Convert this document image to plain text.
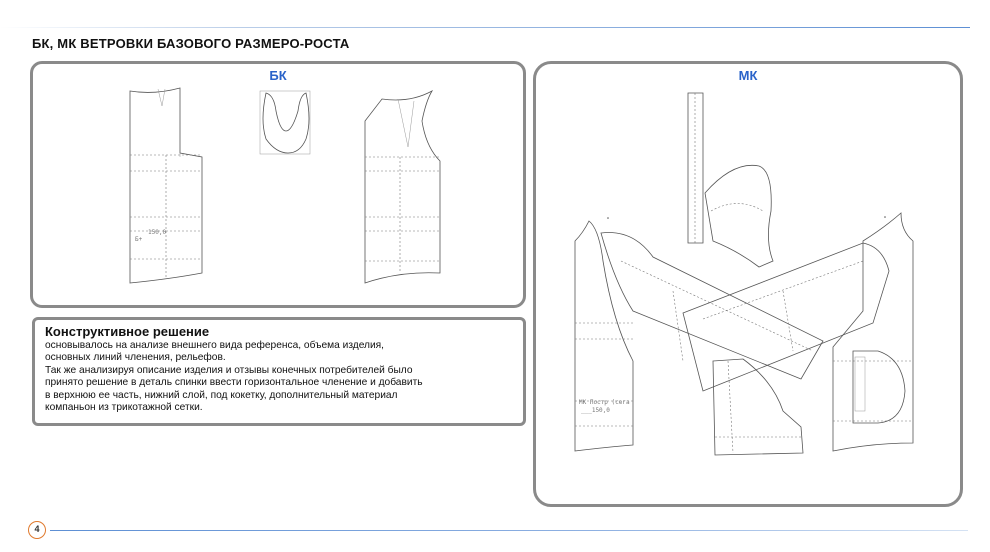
БК, МК ВЕТРОВКИ БАЗОВОГО РАЗМЕРО-РОСТА
БК
Б+
150,0
МК
МК Постр (сега
___150,0
Конструктивное решение

основывалось на анализе внешнего вида референса, объема изделия,
основных линий членения, рельефов.
Так же анализируя описание изделия и отзывы конечных потребителей было
принято решение в деталь спинки ввести горизонтальное членение и добавить
в верхнюю ее часть, нижний слой, под кокетку, дополнительный материал
компаньон из трикотажной сетки.

4
